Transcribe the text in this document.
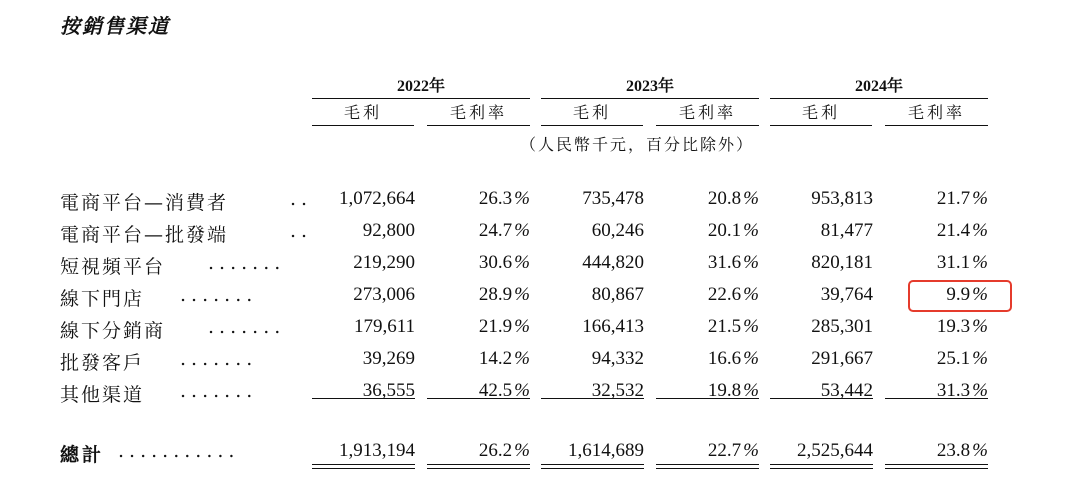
按銷售渠道
2022年	2023年	2024年
毛利	毛利率	毛利	毛利率	毛利	毛利率
（人民幣千元，百分比除外）
電商平台—消費者	.. 1,072,664	26.3 %	735,478	20.8 %	953,813	21.7 %
電商平台—批發端	..	92,800	24.7 %	60,246	20.1 %	81,477	21.4 %
短視頻平台 .......	219,290	30.6 %	444,820	31.6 %	820,181	31.1 %
線下門店 .......	273,006	28.9 %	80,867	22.6 %	39,764	9.9 %
線下分銷商 .......	179,611	21.9 %	166,413	21.5 %	285,301	19.3 %
批發客戶 .......	39,269	14.2 %	94,332	16.6 %	291,667	25.1 %
其他渠道 .......	36,555	42.5 %	32,532	19.8 %	53,442	31.3 %
總計 ...........	1,913,194	26.2 % 1,614,689	22.7 % 2,525,644	23.8 %
